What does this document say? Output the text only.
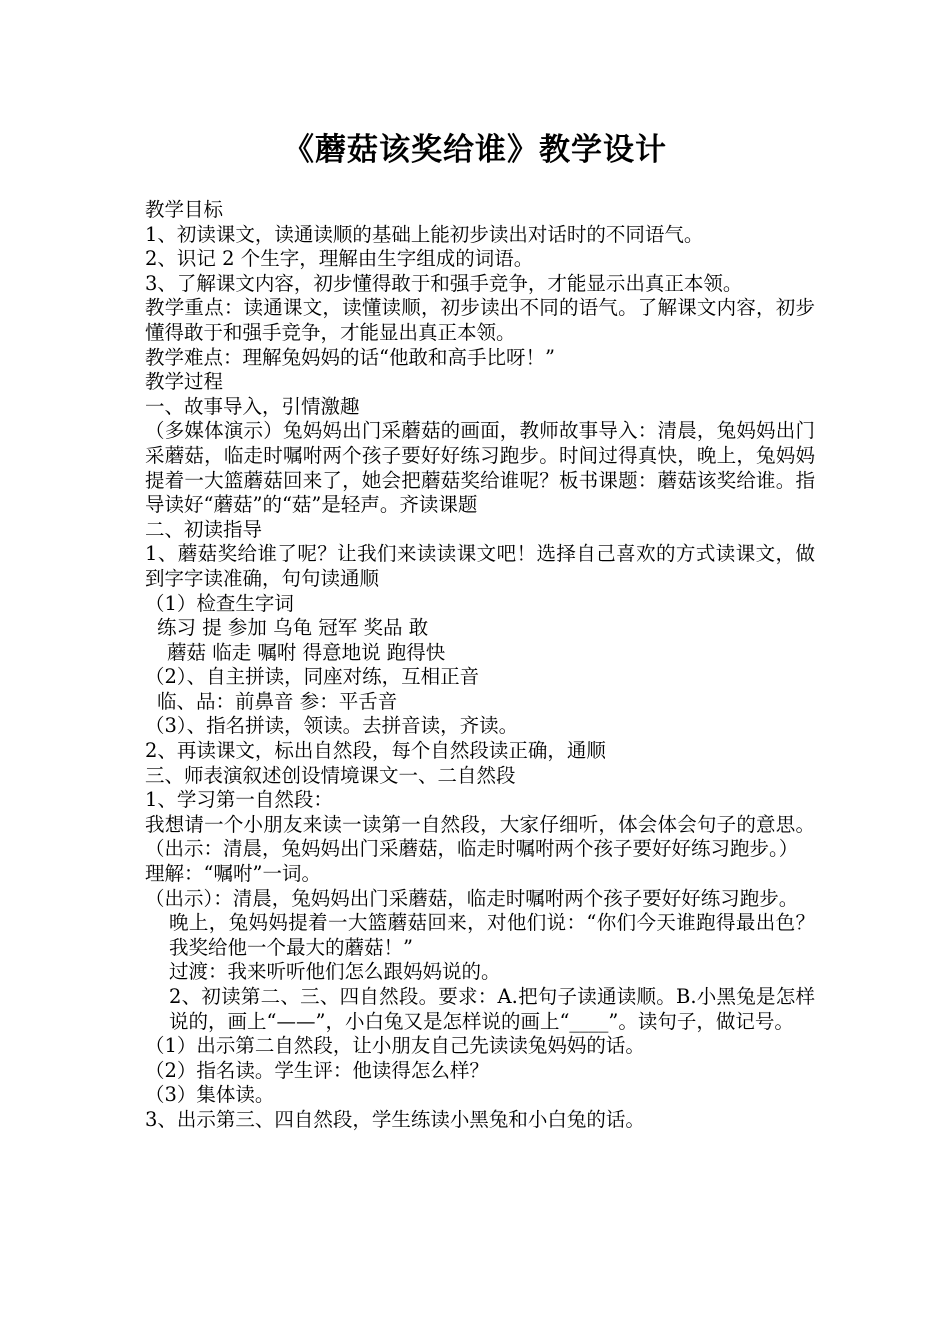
《蘑菇该奖给谁》教学设计

教学目标

1、初读课文，读通读顺的基础上能初步读出对话时的不同语气。

2、识记 2 个生字，理解由生字组成的词语。

3、了解课文内容，初步懂得敢于和强手竞争，才能显示出真正本领。

教学重点：读通课文，读懂读顺，初步读出不同的语气。了解课文内容，初步懂得敢于和强手竞争，才能显出真正本领。

教学难点：理解兔妈妈的话“他敢和高手比呀！”

教学过程

一、故事导入，引情激趣

（多媒体演示）兔妈妈出门采蘑菇的画面，教师故事导入：清晨，兔妈妈出门采蘑菇，临走时嘱咐两个孩子要好好练习跑步。时间过得真快，晚上，兔妈妈提着一大篮蘑菇回来了，她会把蘑菇奖给谁呢？板书课题：蘑菇该奖给谁。指导读好“蘑菇”的“菇”是轻声。齐读课题

二、初读指导

1、蘑菇奖给谁了呢？让我们来读读课文吧！选择自己喜欢的方式读课文，做到字字读准确，句句读通顺

（1）检查生字词

练习 提 参加 乌龟 冠军 奖品 敢

蘑菇 临走 嘱咐 得意地说 跑得快

（2）、自主拼读，同座对练，互相正音

临、品：前鼻音 参：平舌音

（3）、指名拼读，领读。去拼音读，齐读。

2、再读课文，标出自然段，每个自然段读正确，通顺

三、师表演叙述创设情境课文一、二自然段

1、学习第一自然段：

我想请一个小朋友来读一读第一自然段，大家仔细听，体会体会句子的意思。（出示：清晨，兔妈妈出门采蘑菇，临走时嘱咐两个孩子要好好练习跑步。）

理解：“嘱咐”一词。

（出示）：清晨，兔妈妈出门采蘑菇，临走时嘱咐两个孩子要好好练习跑步。

晚上，兔妈妈提着一大篮蘑菇回来，对他们说：“你们今天谁跑得最出色？我奖给他一个最大的蘑菇！”

过渡：我来听听他们怎么跟妈妈说的。

2、初读第二、三、四自然段。要求：A.把句子读通读顺。B.小黑兔是怎样说的，画上“——”，小白兔又是怎样说的画上“____”。读句子，做记号。

（1）出示第二自然段，让小朋友自己先读读兔妈妈的话。

（2）指名读。学生评：他读得怎么样？

（3）集体读。

3、出示第三、四自然段，学生练读小黑兔和小白兔的话。
